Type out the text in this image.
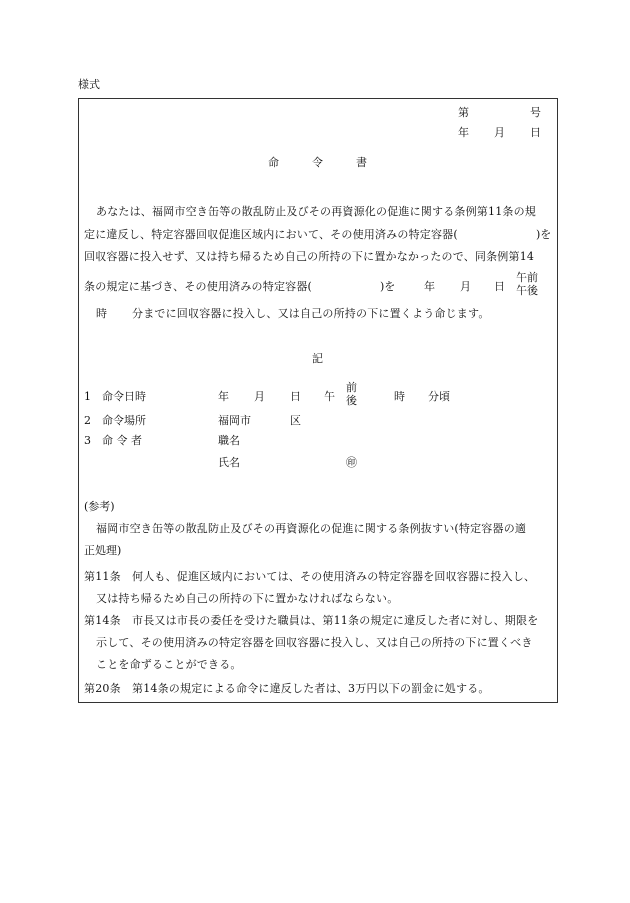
様式
第	号
年 月 日
命	令	書
あなたは、福岡市空き缶等の散乱防止及びその再資源化の促進に関する条例第11条の規
定に違反し、特定容器回収促進区域内において、その使用済みの特定容器(	)を
回収容器に投入せず、又は持ち帰るため自己の所持の下に置かなかったので、同条例第14
条の規定に基づき、その使用済みの特定容器(	)を	年 月 日
午前
午後
時 分までに回収容器に投入し、又は自己の所持の下に置くよう命じます。
記
1 命令日時	年 月 日 午
前
後	時 分頃
2 命令場所	福岡市	区
3 命 令 者	職名
氏名	㊞
(参考)
福岡市空き缶等の散乱防止及びその再資源化の促進に関する条例抜すい(特定容器の適
正処理)
第11条　何人も、促進区域内においては、その使用済みの特定容器を回収容器に投入し、
又は持ち帰るため自己の所持の下に置かなければならない。
第14条　市長又は市長の委任を受けた職員は、第11条の規定に違反した者に対し、期限を
示して、その使用済みの特定容器を回収容器に投入し、又は自己の所持の下に置くべき
ことを命ずることができる。
第20条　第14条の規定による命令に違反した者は、3万円以下の罰金に処する。
